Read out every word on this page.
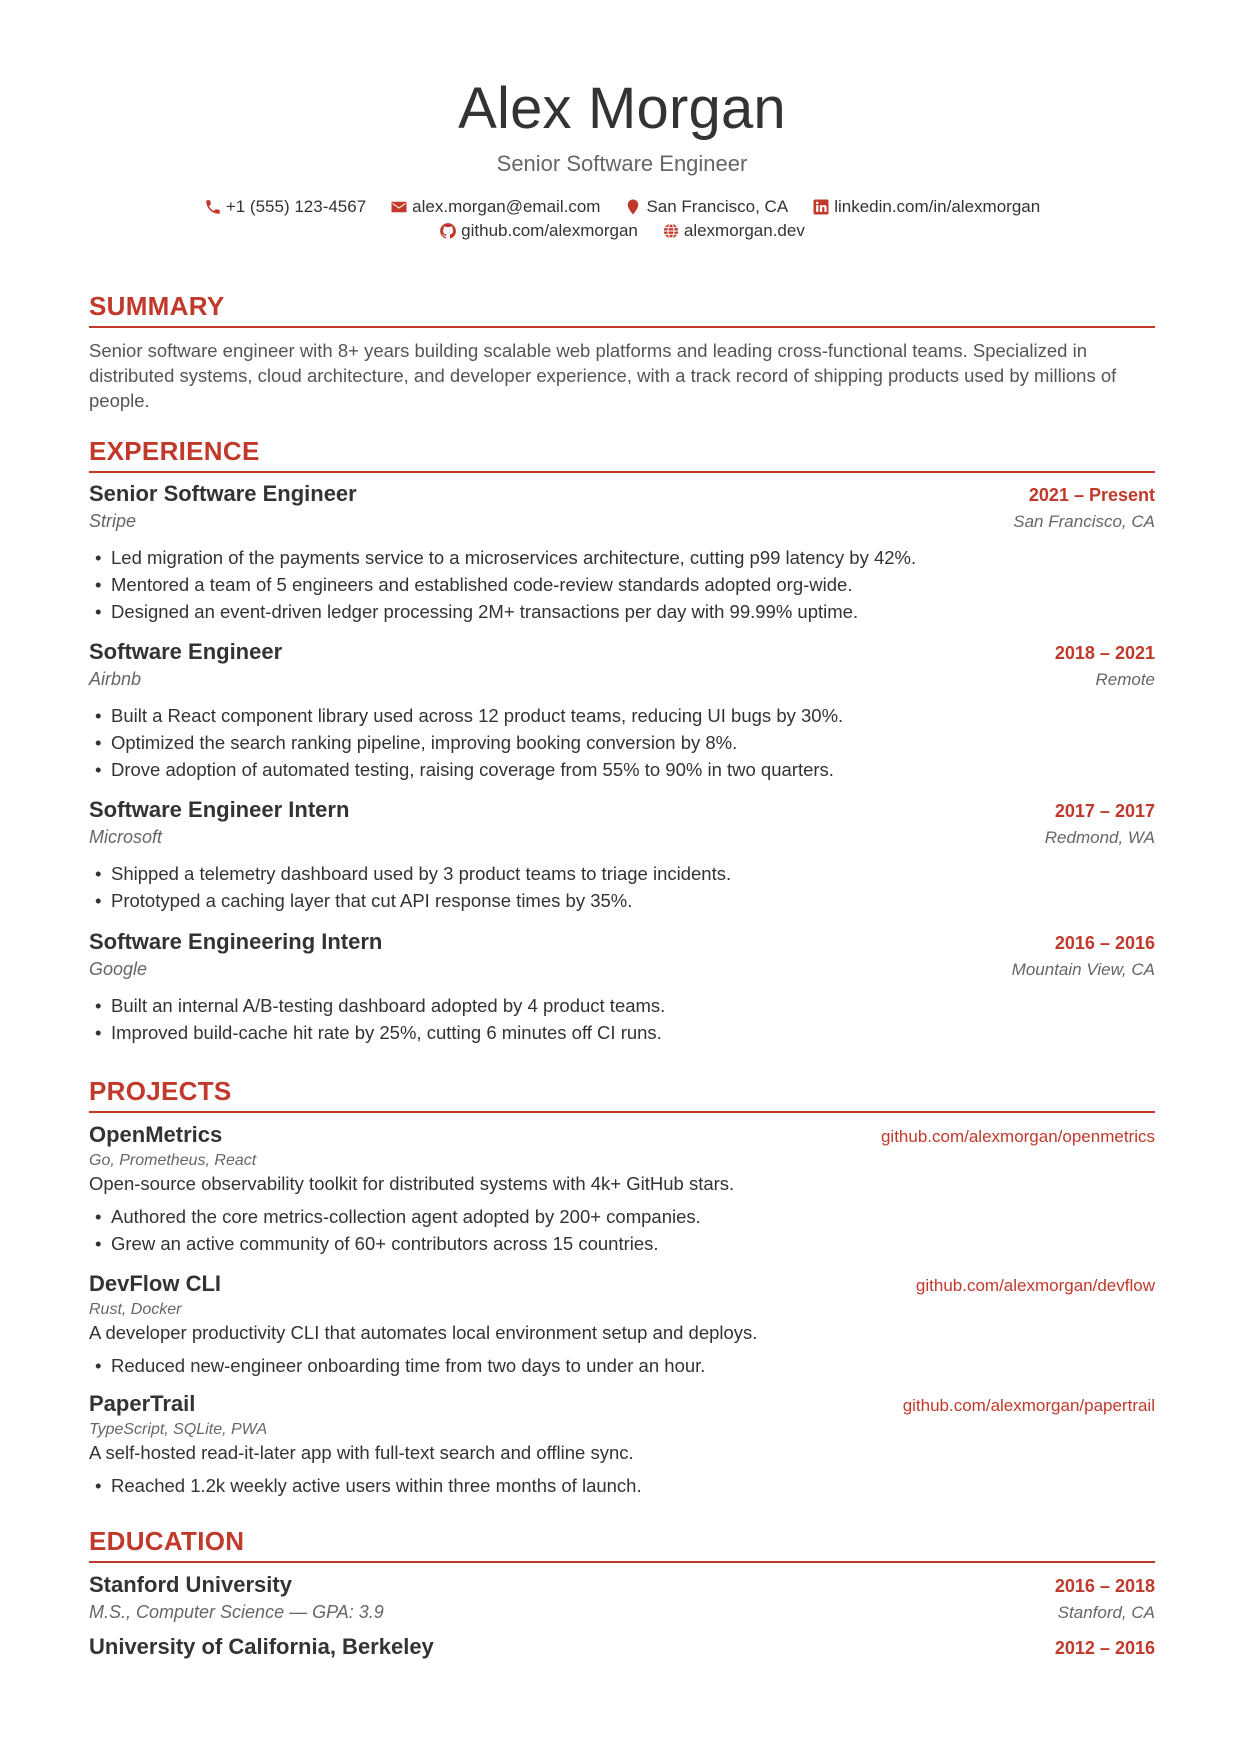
Alex Morgan
Senior Software Engineer
+1 (555) 123-4567	alex.morgan@email.com	San Francisco, CA	linkedin.com/in/alexmorgan
github.com/alexmorgan	alexmorgan.dev
SUMMARY
Senior software engineer with 8+ years building scalable web platforms and leading cross-functional teams. Specialized in distributed systems, cloud architecture, and developer experience, with a track record of shipping products used by millions of people.
EXPERIENCE
Senior Software Engineer	2021 – Present
Stripe	San Francisco, CA
• Led migration of the payments service to a microservices architecture, cutting p99 latency by 42%.
• Mentored a team of 5 engineers and established code-review standards adopted org-wide.
• Designed an event-driven ledger processing 2M+ transactions per day with 99.99% uptime.
Software Engineer	2018 – 2021
Airbnb	Remote
• Built a React component library used across 12 product teams, reducing UI bugs by 30%.
• Optimized the search ranking pipeline, improving booking conversion by 8%.
• Drove adoption of automated testing, raising coverage from 55% to 90% in two quarters.
Software Engineer Intern	2017 – 2017
Microsoft	Redmond, WA
• Shipped a telemetry dashboard used by 3 product teams to triage incidents.
• Prototyped a caching layer that cut API response times by 35%.
Software Engineering Intern	2016 – 2016
Google	Mountain View, CA
• Built an internal A/B-testing dashboard adopted by 4 product teams.
• Improved build-cache hit rate by 25%, cutting 6 minutes off CI runs.
PROJECTS
OpenMetrics	github.com/alexmorgan/openmetrics
Go, Prometheus, React
Open-source observability toolkit for distributed systems with 4k+ GitHub stars.
• Authored the core metrics-collection agent adopted by 200+ companies.
• Grew an active community of 60+ contributors across 15 countries.
DevFlow CLI	github.com/alexmorgan/devflow
Rust, Docker
A developer productivity CLI that automates local environment setup and deploys.
• Reduced new-engineer onboarding time from two days to under an hour.
PaperTrail	github.com/alexmorgan/papertrail
TypeScript, SQLite, PWA
A self-hosted read-it-later app with full-text search and offline sync.
• Reached 1.2k weekly active users within three months of launch.
EDUCATION
Stanford University	2016 – 2018
M.S., Computer Science — GPA: 3.9	Stanford, CA
University of California, Berkeley	2012 – 2016
